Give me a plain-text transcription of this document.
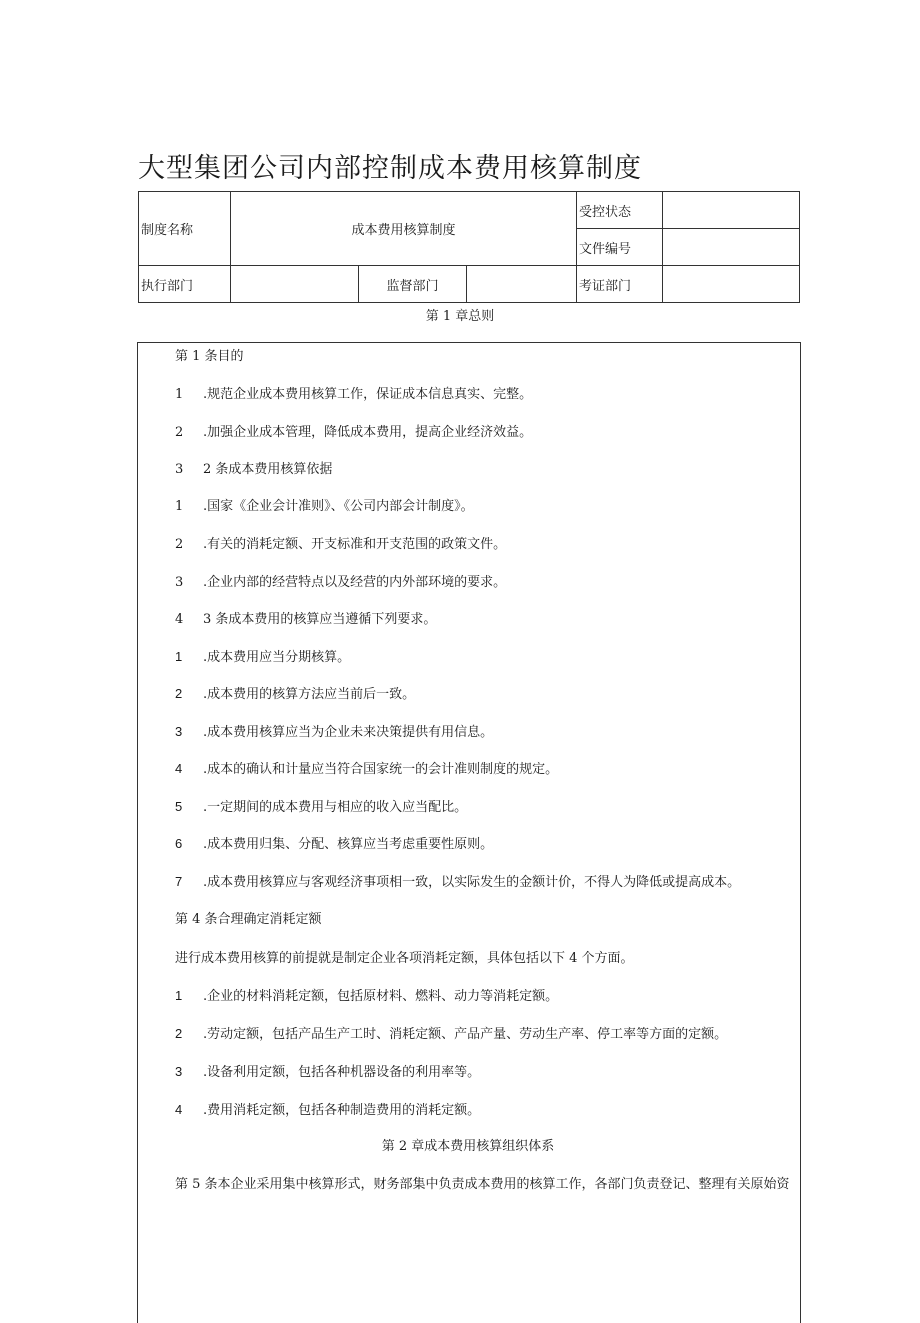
大型集团公司内部控制成本费用核算制度
制度名称	成本费用核算制度			受控状态	
				文件编号	
执行部门		监督部门		考证部门	
第 1 章总则
第 1 条目的
1 .规范企业成本费用核算工作，保证成本信息真实、完整。
2 .加强企业成本管理，降低成本费用，提高企业经济效益。
3 2 条成本费用核算依据
1 .国家《企业会计准则》、《公司内部会计制度》。
2 .有关的消耗定额、开支标准和开支范围的政策文件。
3 .企业内部的经营特点以及经营的内外部环境的要求。
4 3 条成本费用的核算应当遵循下列要求。
1 .成本费用应当分期核算。
2 .成本费用的核算方法应当前后一致。
3 .成本费用核算应当为企业未来决策提供有用信息。
4 .成本的确认和计量应当符合国家统一的会计准则制度的规定。
5 .一定期间的成本费用与相应的收入应当配比。
6 .成本费用归集、分配、核算应当考虑重要性原则。
7 .成本费用核算应与客观经济事项相一致，以实际发生的金额计价，不得人为降低或提高成本。
第 4 条合理确定消耗定额
进行成本费用核算的前提就是制定企业各项消耗定额，具体包括以下 4 个方面。
1 .企业的材料消耗定额，包括原材料、燃料、动力等消耗定额。
2 .劳动定额，包括产品生产工时、消耗定额、产品产量、劳动生产率、停工率等方面的定额。
3 .设备利用定额，包括各种机器设备的利用率等。
4 .费用消耗定额，包括各种制造费用的消耗定额。
第 2 章成本费用核算组织体系
第 5 条本企业采用集中核算形式，财务部集中负责成本费用的核算工作，各部门负责登记、整理有关原始资
